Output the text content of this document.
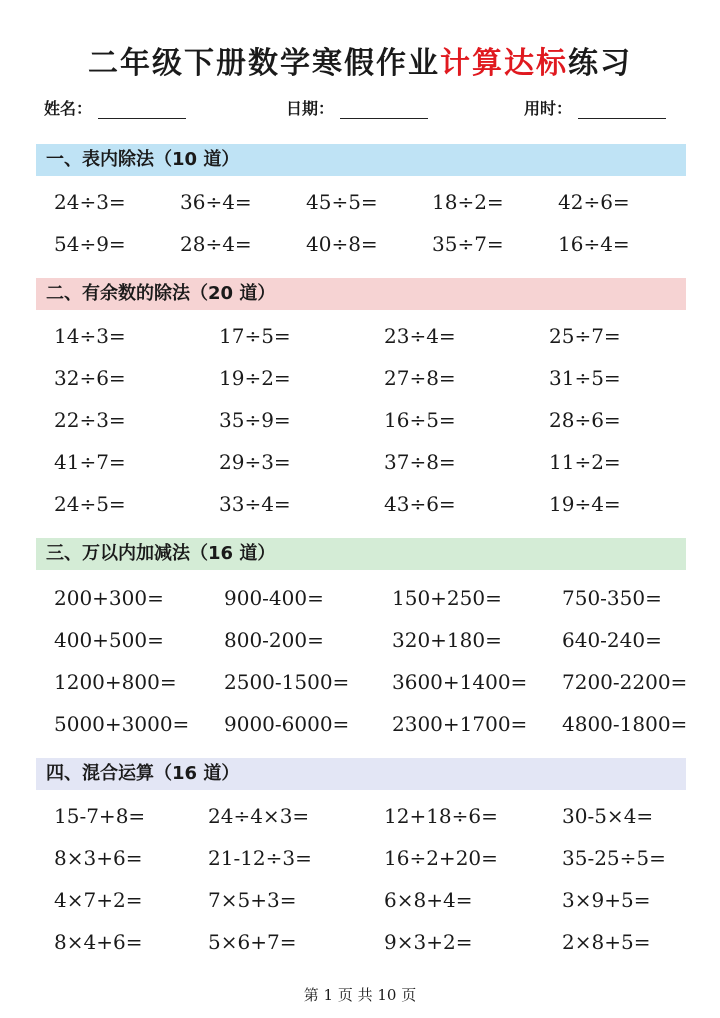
二年级下册数学寒假作业计算达标练习
姓名：	日期：	用时：
一、表内除法（10 道）
24÷3=	36÷4=	45÷5=	18÷2=	42÷6=
54÷9=	28÷4=	40÷8=	35÷7=	16÷4=
二、有余数的除法（20 道）
14÷3=	17÷5=	23÷4=	25÷7=
32÷6=	19÷2=	27÷8=	31÷5=
22÷3=	35÷9=	16÷5=	28÷6=
41÷7=	29÷3=	37÷8=	11÷2=
24÷5=	33÷4=	43÷6=	19÷4=
三、万以内加减法（16 道）
200+300=	900-400=	150+250=	750-350=
400+500=	800-200=	320+180=	640-240=
1200+800= 2500-1500= 3600+1400= 7200-2200=
5000+3000= 9000-6000= 2300+1700= 4800-1800=
四、混合运算（16 道）
15-7+8=	24÷4×3=	12+18÷6=	30-5×4=
8×3+6=	21-12÷3=	16÷2+20=	35-25÷5=
4×7+2=	7×5+3=	6×8+4=	3×9+5=
8×4+6=	5×6+7=	9×3+2=	2×8+5=
第 1 页 共 10 页
